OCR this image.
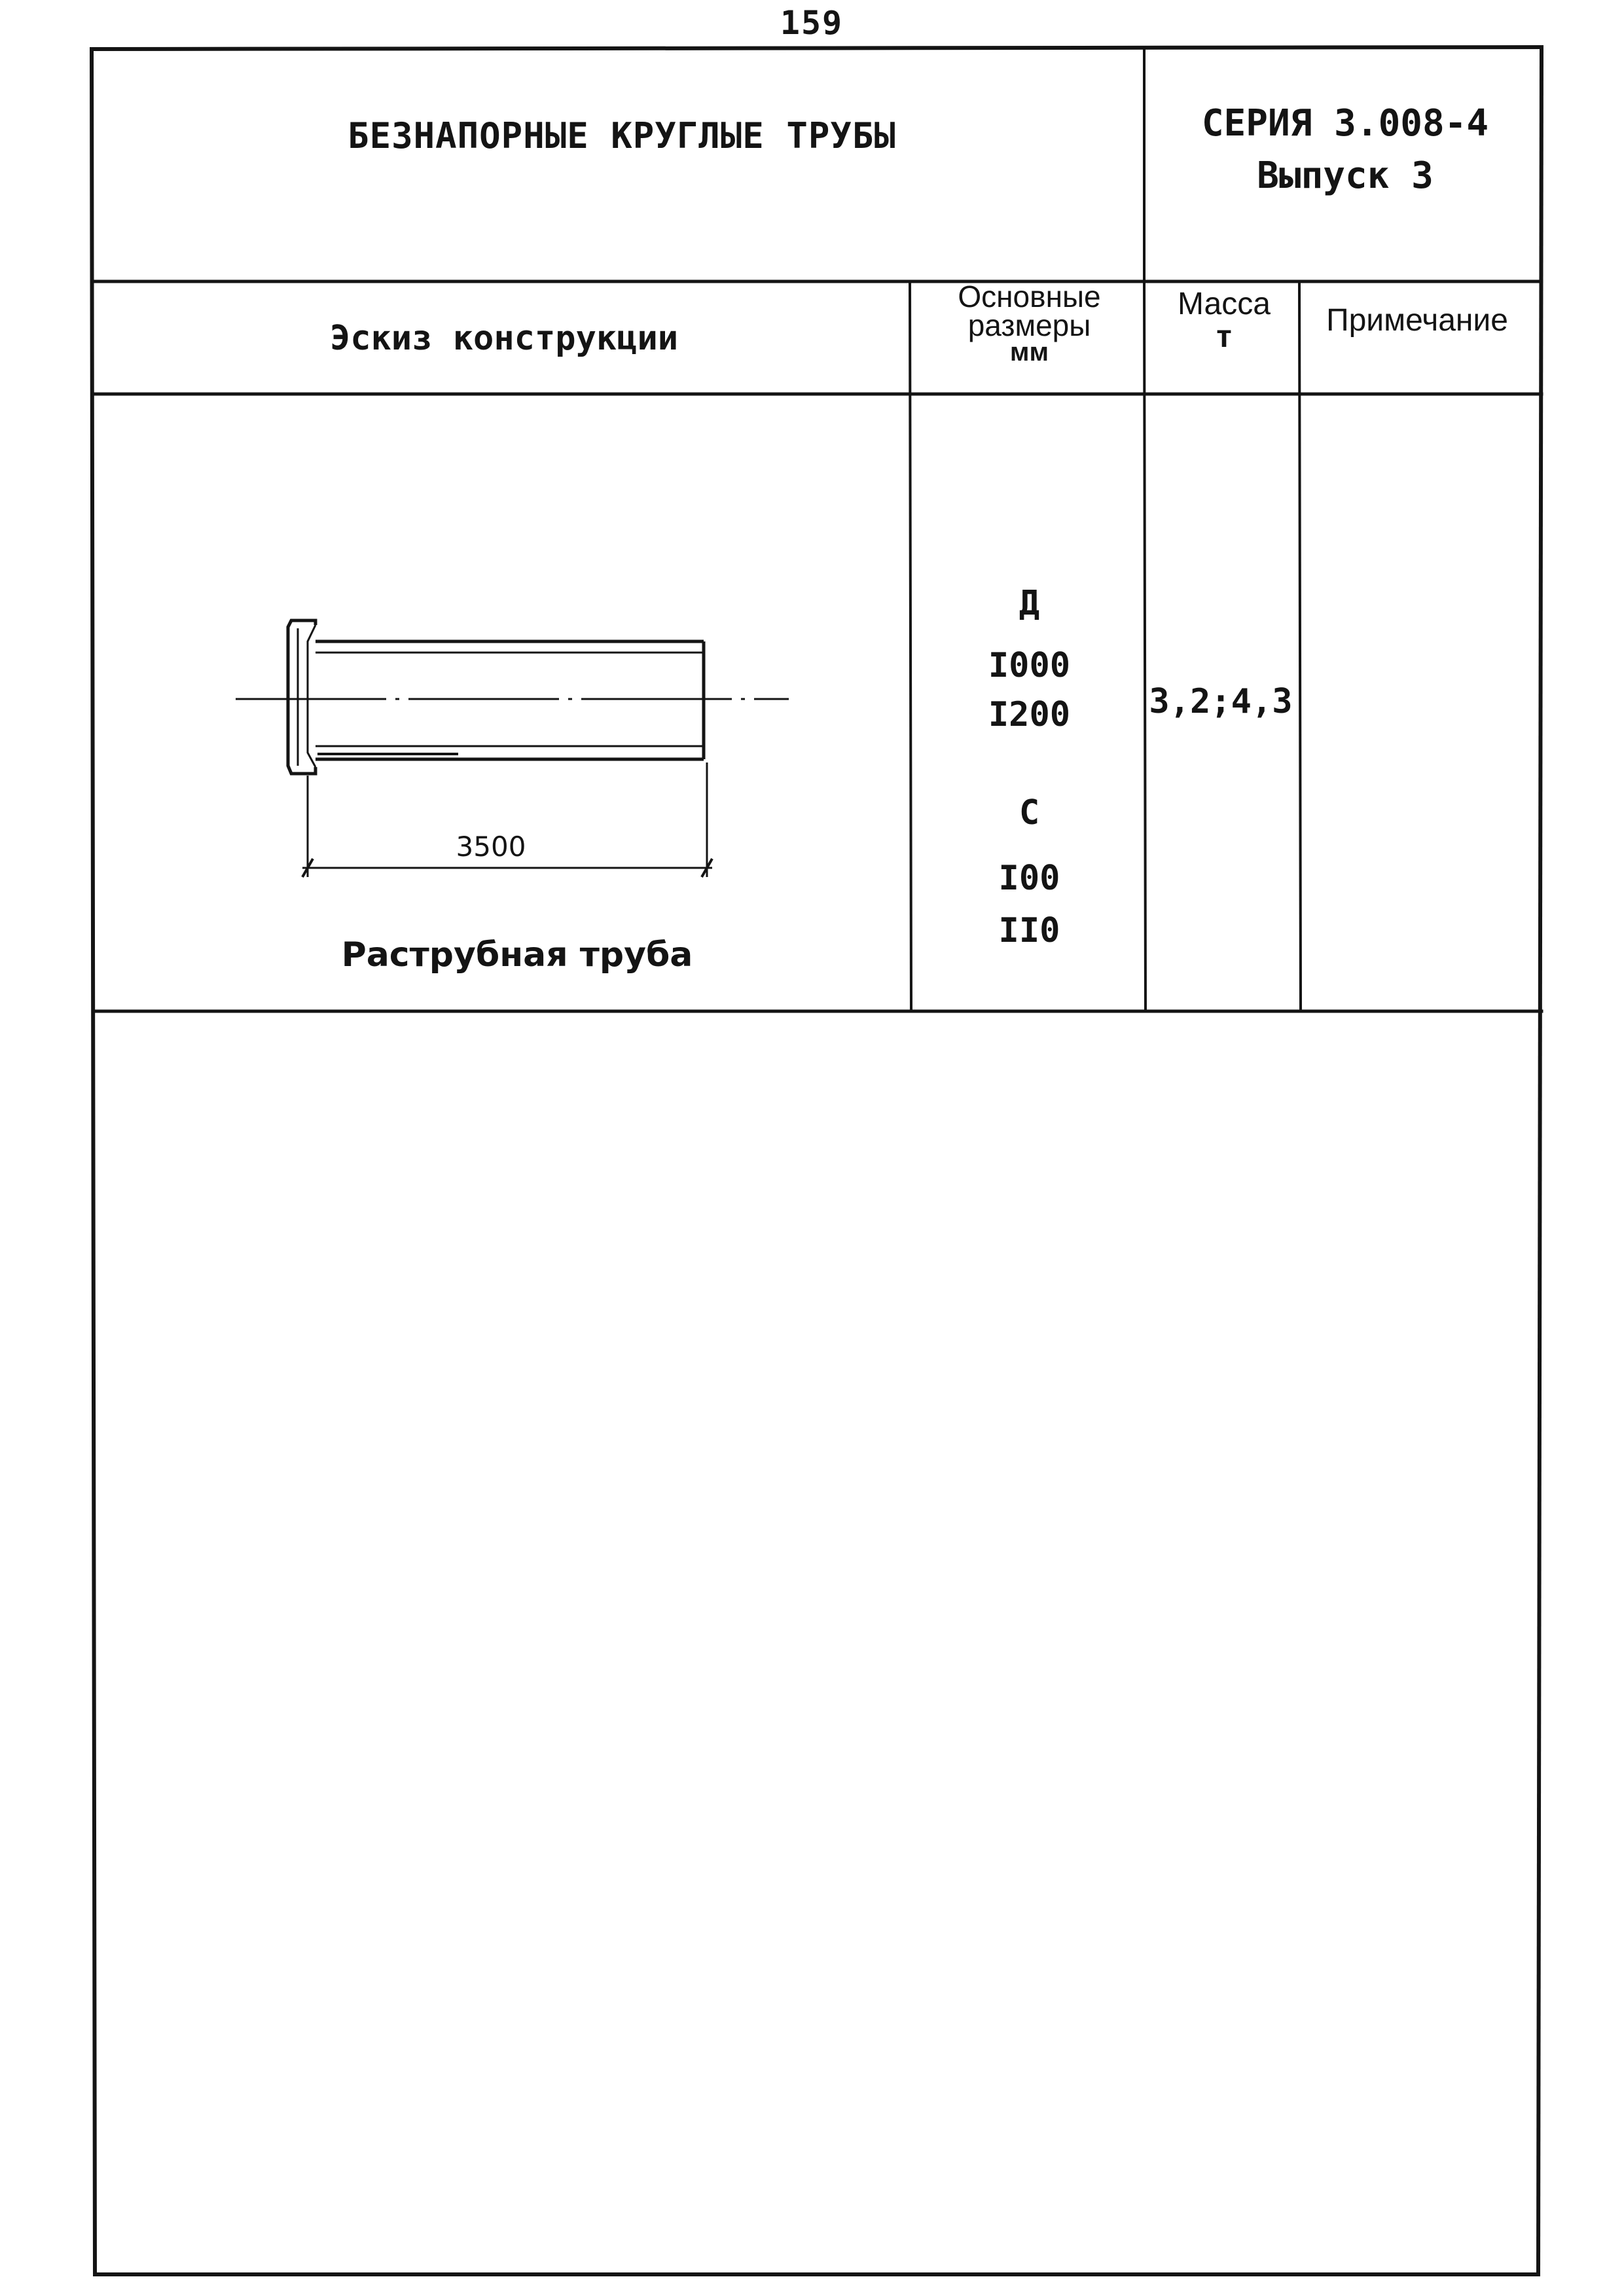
159
БЕЗНАПОРНЫЕ КРУГЛЫЕ ТРУБЫ	СЕРИЯ 3.008-4
Выпуск 3
Эскиз конструкции
Основные
размеры
мм
Масса
т	Примечание
Д
I000
I200
С
I00
II0
3,2;4,3
3500
Раструбная труба
